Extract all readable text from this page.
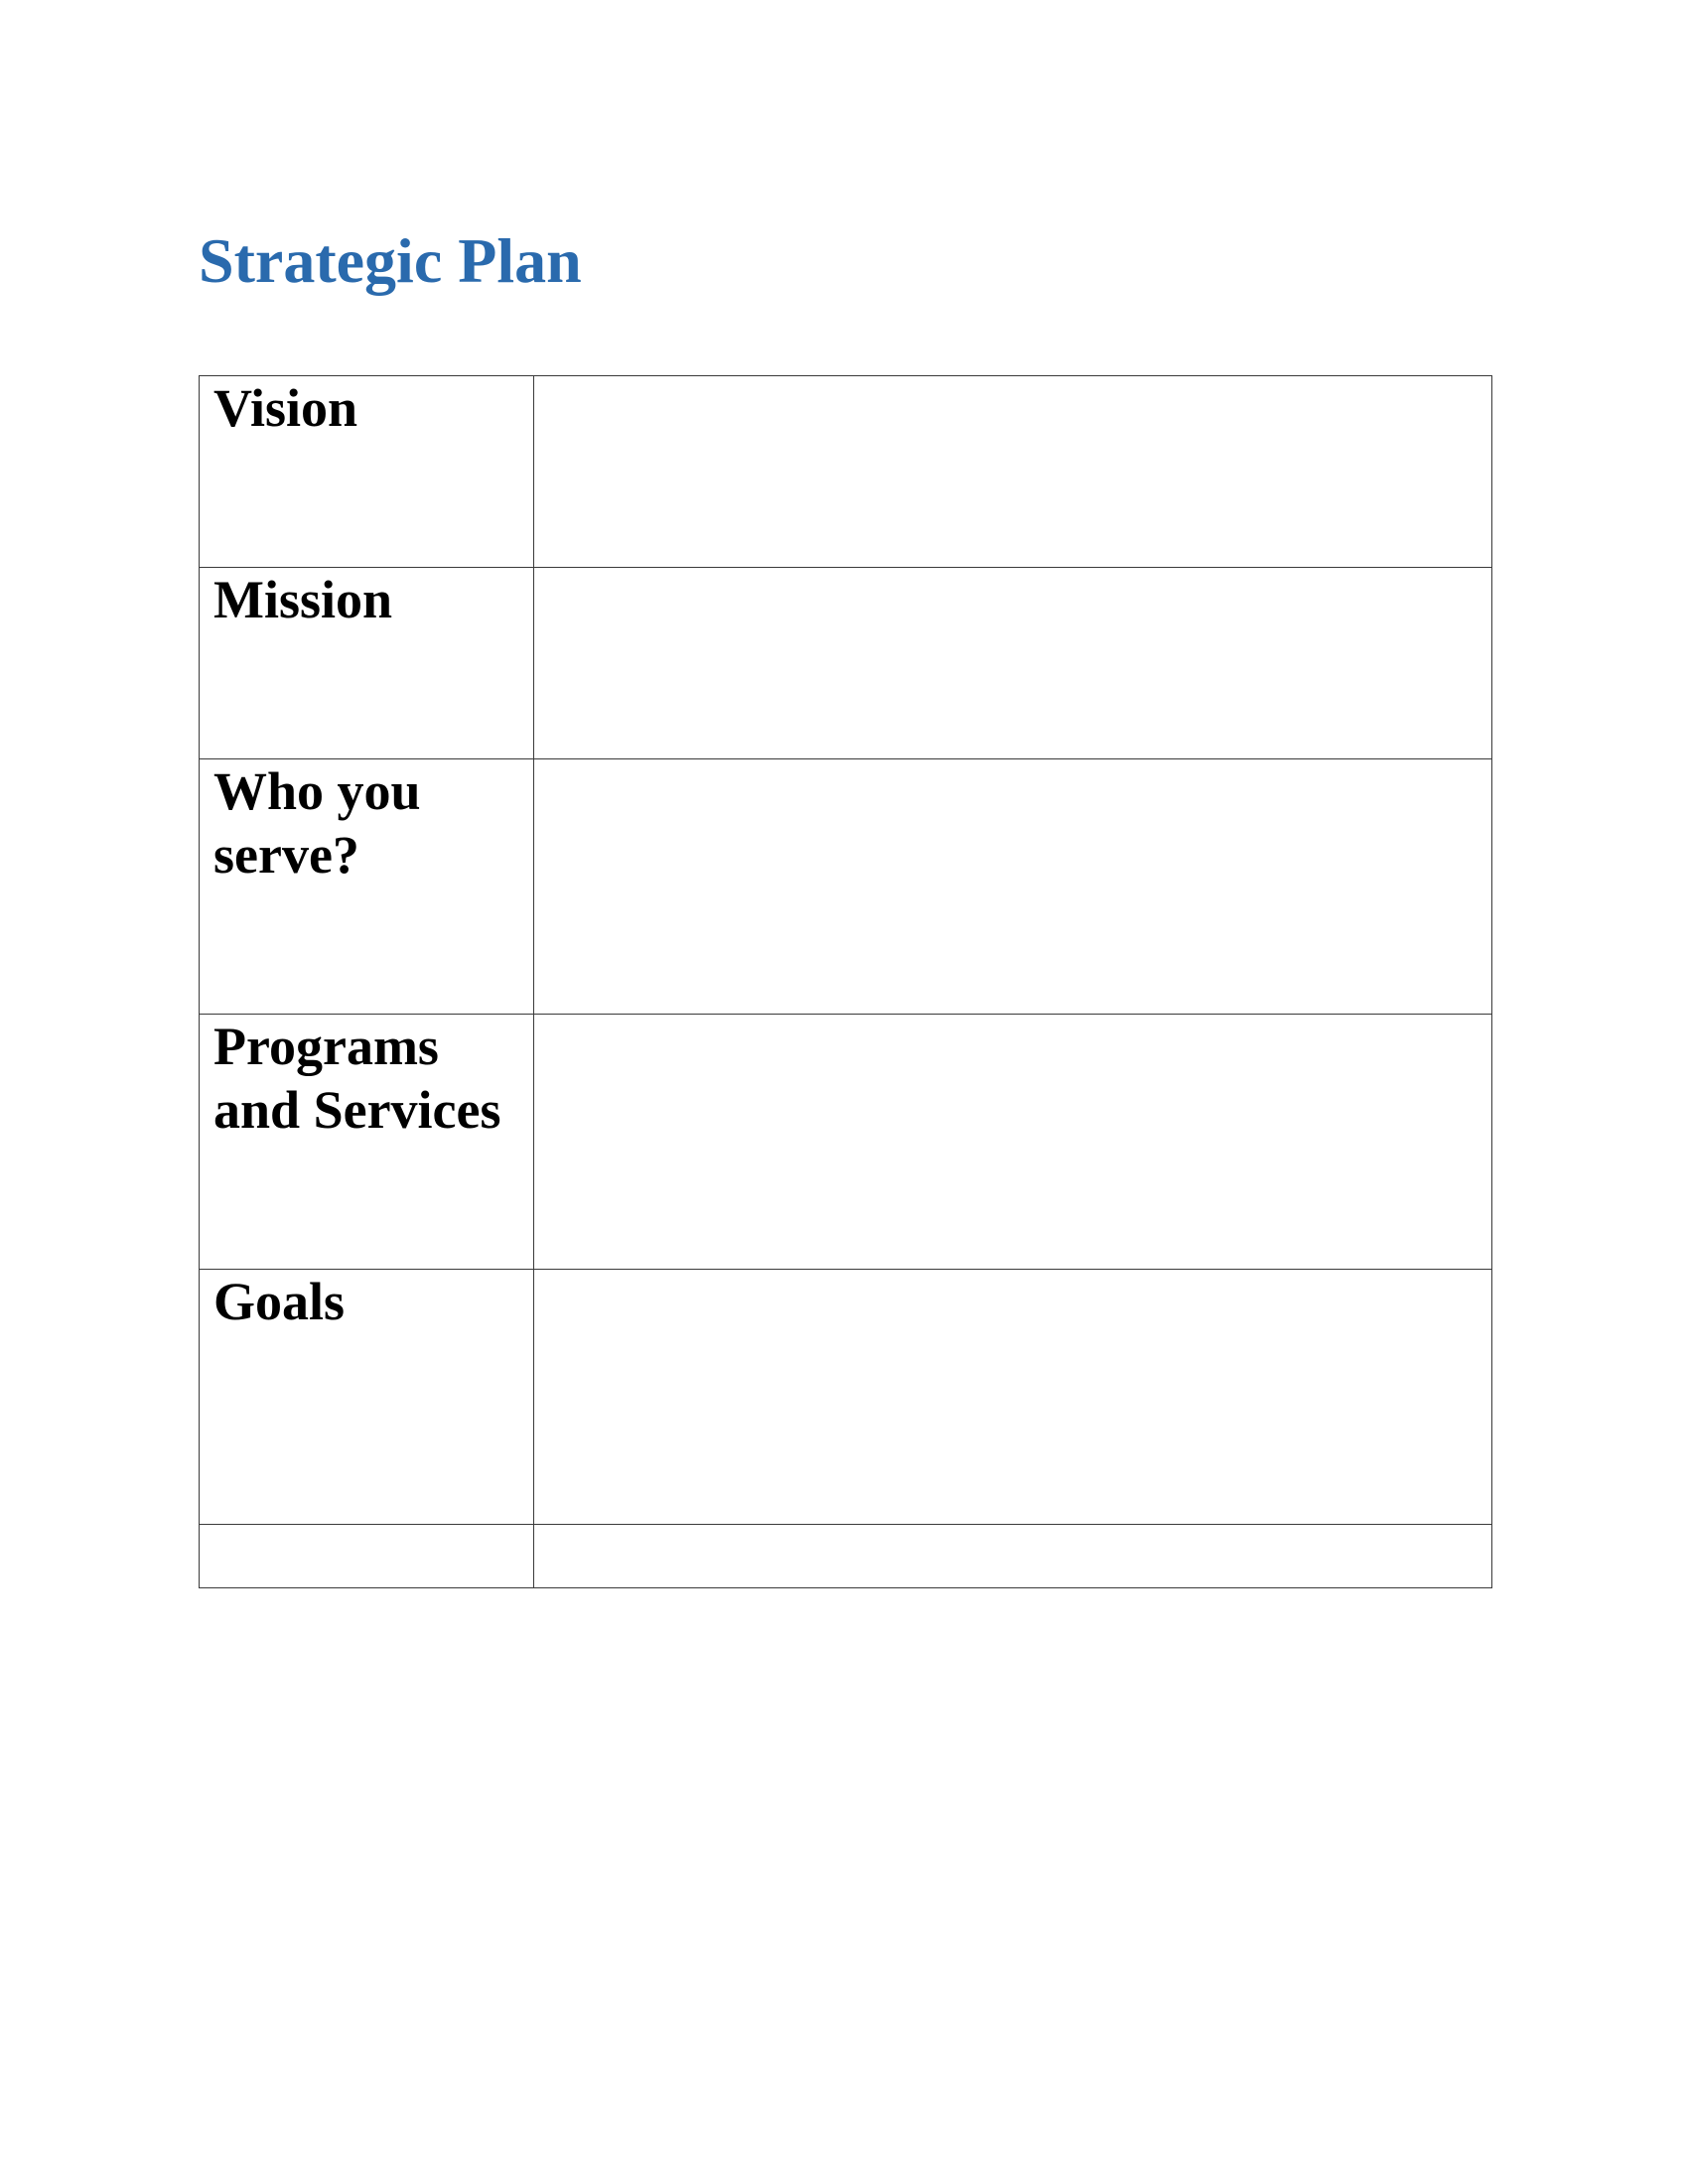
Strategic Plan
Vision	

Mission	

Who you serve?	

Programs and Services	

Goals	
